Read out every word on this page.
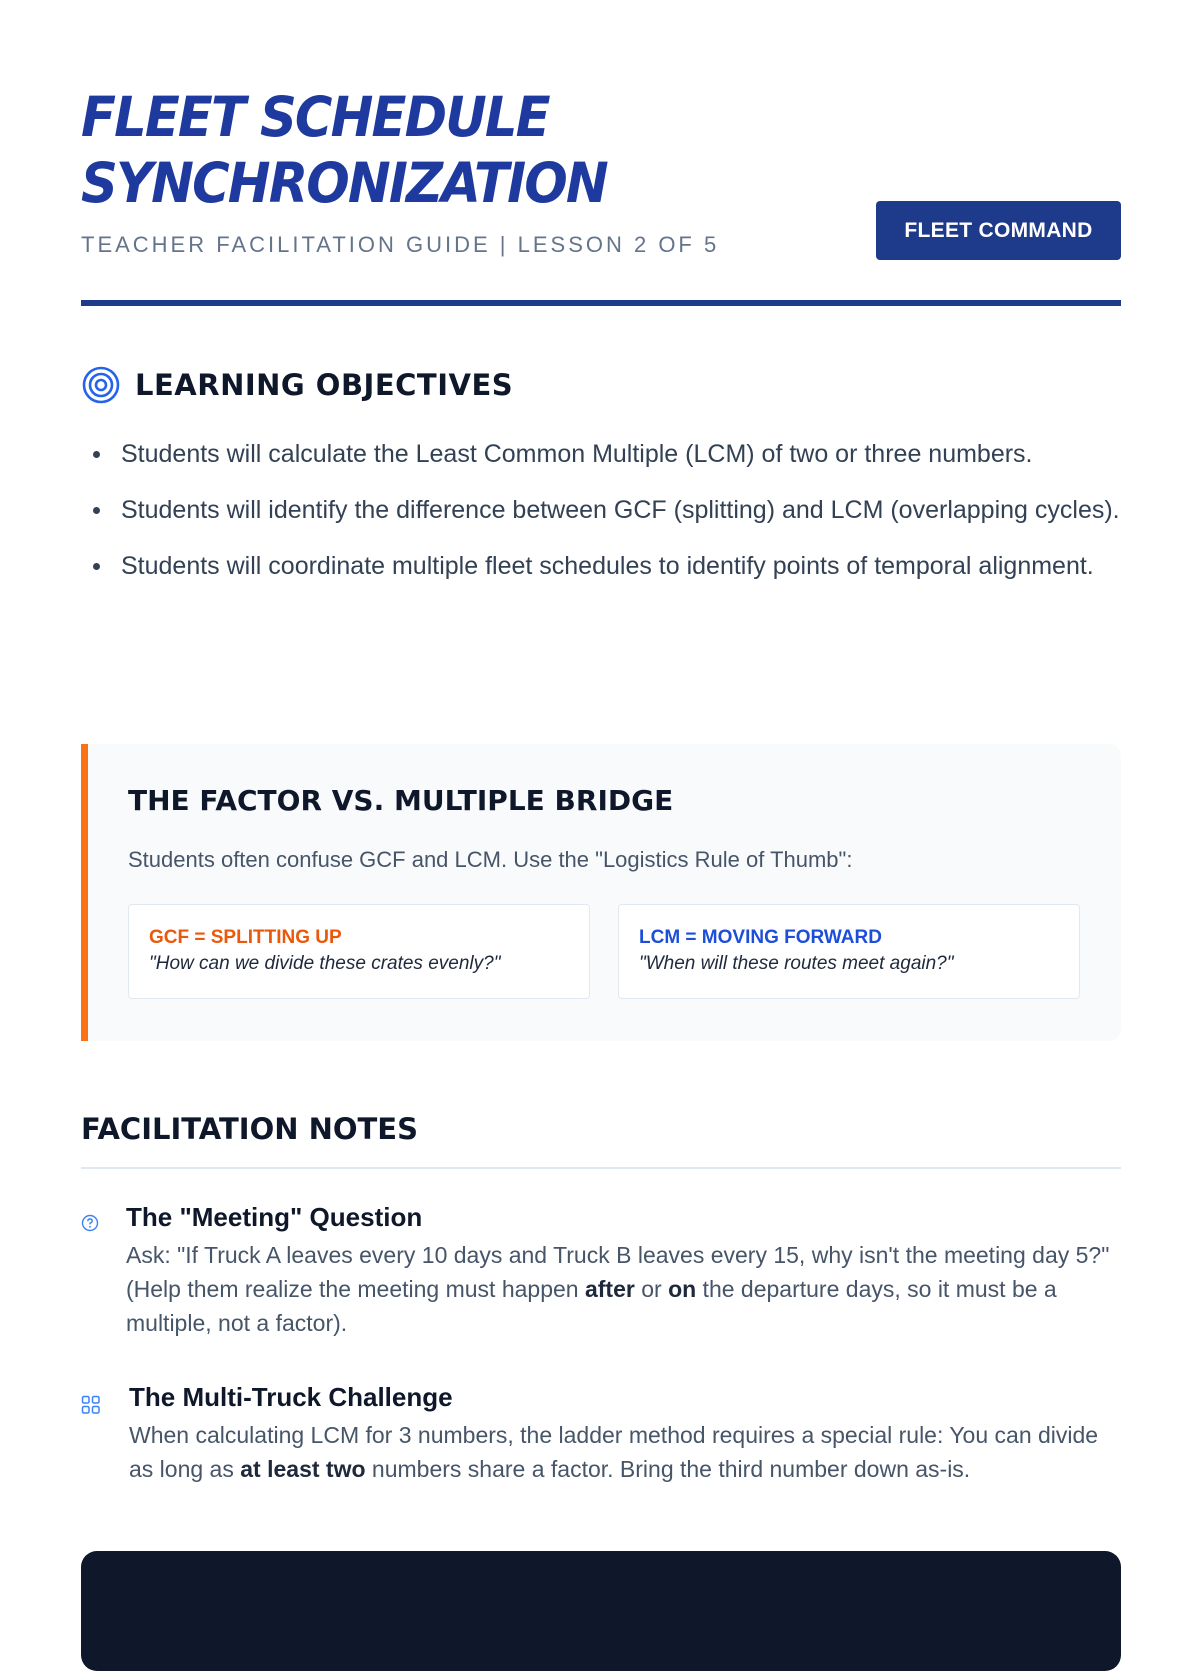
FLEET SCHEDULE
SYNCHRONIZATION
TEACHER FACILITATION GUIDE | LESSON 2 OF 5
FLEET COMMAND
LEARNING OBJECTIVES
Students will calculate the Least Common Multiple (LCM) of two or three numbers.
Students will identify the difference between GCF (splitting) and LCM (overlapping cycles).
Students will coordinate multiple fleet schedules to identify points of temporal alignment.
THE FACTOR VS. MULTIPLE BRIDGE
Students often confuse GCF and LCM. Use the "Logistics Rule of Thumb":
GCF = SPLITTING UP
"How can we divide these crates evenly?"
LCM = MOVING FORWARD
"When will these routes meet again?"
FACILITATION NOTES
The "Meeting" Question
Ask: "If Truck A leaves every 10 days and Truck B leaves every 15, why isn't the meeting day 5?" (Help them realize the meeting must happen after or on the departure days, so it must be a multiple, not a factor).
The Multi-Truck Challenge
When calculating LCM for 3 numbers, the ladder method requires a special rule: You can divide as long as at least two numbers share a factor. Bring the third number down as-is.
